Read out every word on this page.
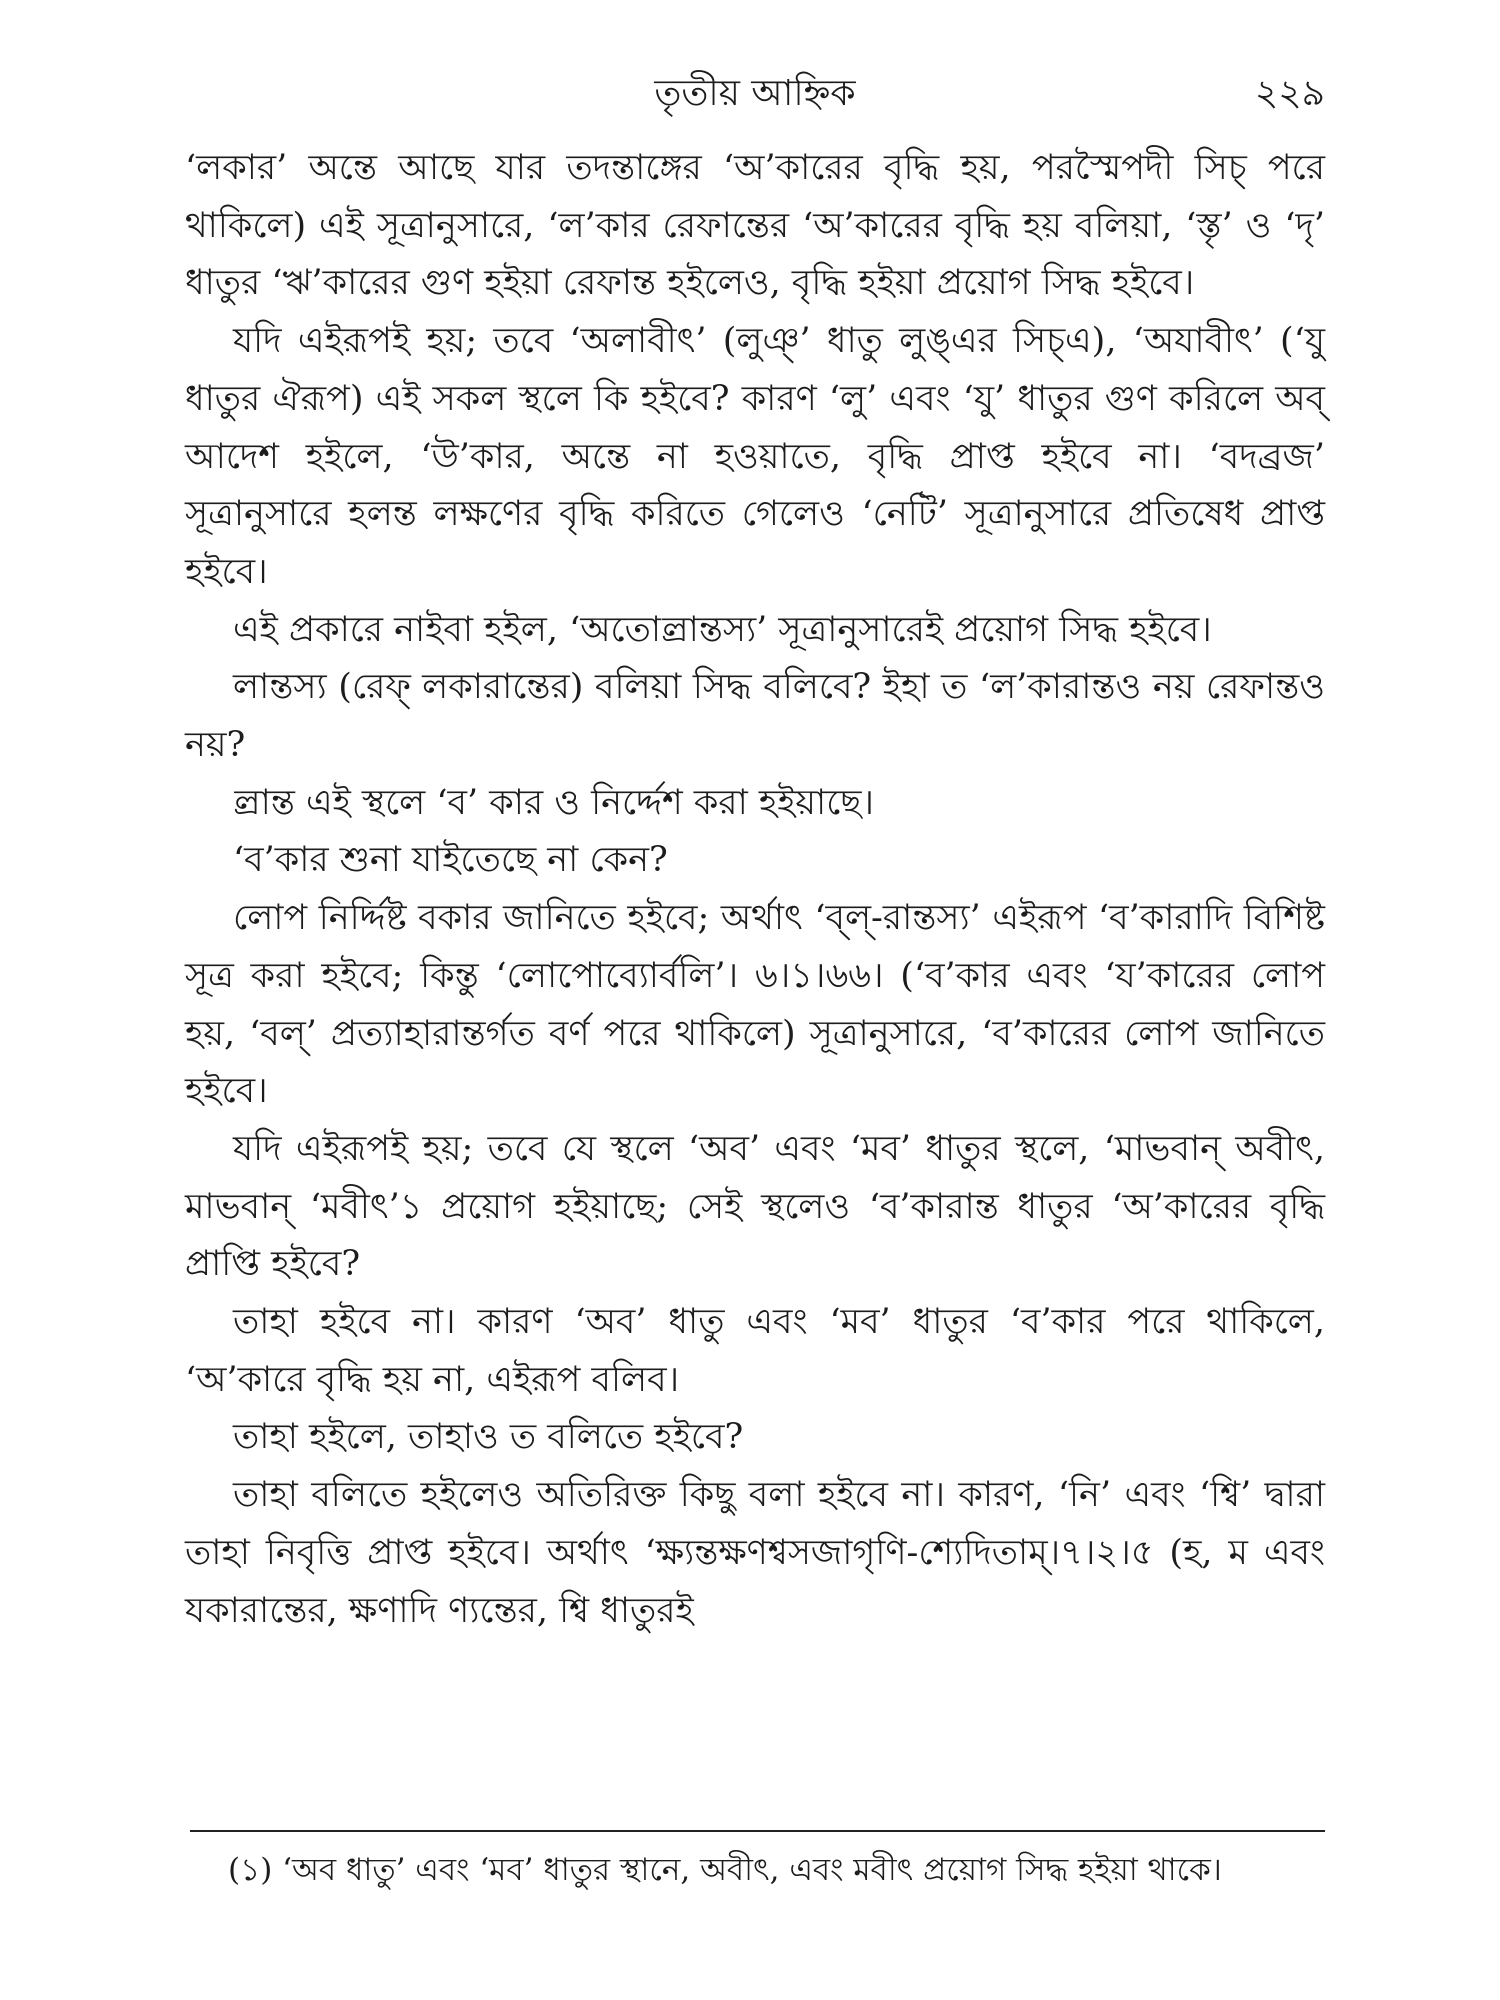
তৃতীয় আহ্নিক	২২৯

‘লকার’ অন্তে আছে যার তদন্তাঙ্গের ‘অ’কারের বৃদ্ধি হয়, পরস্মৈপদী সিচ্ পরে থাকিলে) এই সূত্রানুসারে, ‘ল’কার রেফান্তের ‘অ’কারের বৃদ্ধি হয় বলিয়া, ‘স্তৃ’ ও ‘দৃ’ ধাতুর ‘ঋ’কারের গুণ হইয়া রেফান্ত হইলেও, বৃদ্ধি হইয়া প্রয়োগ সিদ্ধ হইবে।

যদি এইরূপই হয়; তবে ‘অলাবীৎ’ (লুঞ্’ ধাতু লুঙ্এর সিচ্এ), ‘অযাবীৎ’ (‘যু ধাতুর ঐরূপ) এই সকল স্থলে কি হইবে? কারণ ‘লু’ এবং ‘যু’ ধাতুর গুণ করিলে অব্ আদেশ হইলে, ‘উ’কার, অন্তে না হওয়াতে, বৃদ্ধি প্রাপ্ত হইবে না। ‘বদব্রজ’ সূত্রানুসারে হলন্ত লক্ষণের বৃদ্ধি করিতে গেলেও ‘নেটি’ সূত্রানুসারে প্রতিষেধ প্রাপ্ত হইবে।

এই প্রকারে নাইবা হইল, ‘অতোল্রান্তস্য’ সূত্রানুসারেই প্রয়োগ সিদ্ধ হইবে।

লান্তস্য (রেফ্ লকারান্তের) বলিয়া সিদ্ধ বলিবে? ইহা ত ‘ল’কারান্তও নয় রেফান্তও নয়?

ল্রান্ত এই স্থলে ‘ব’ কার ও নির্দ্দেশ করা হইয়াছে।

‘ব’কার শুনা যাইতেছে না কেন?

লোপ নির্দ্দিষ্ট বকার জানিতে হইবে; অর্থাৎ ‘ব্ল্-রান্তস্য’ এইরূপ ‘ব’কারাদি বিশিষ্ট সূত্র করা হইবে; কিন্তু ‘লোপোব্যোর্বলি’। ৬।১।৬৬। (‘ব’কার এবং ‘য’কারের লোপ হয়, ‘বল্’ প্রত্যাহারান্তর্গত বর্ণ পরে থাকিলে) সূত্রানুসারে, ‘ব’কারের লোপ জানিতে হইবে।

যদি এইরূপই হয়; তবে যে স্থলে ‘অব’ এবং ‘মব’ ধাতুর স্থলে, ‘মাভবান্ অবীৎ, মাভবান্ ‘মবীৎ’১ প্রয়োগ হইয়াছে; সেই স্থলেও ‘ব’কারান্ত ধাতুর ‘অ’কারের বৃদ্ধি প্রাপ্তি হইবে?

তাহা হইবে না। কারণ ‘অব’ ধাতু এবং ‘মব’ ধাতুর ‘ব’কার পরে থাকিলে, ‘অ’কারে বৃদ্ধি হয় না, এইরূপ বলিব।

তাহা হইলে, তাহাও ত বলিতে হইবে?

তাহা বলিতে হইলেও অতিরিক্ত কিছু বলা হইবে না। কারণ, ‘নি’ এবং ‘শ্বি’ দ্বারা তাহা নিবৃত্তি প্রাপ্ত হইবে। অর্থাৎ ‘ক্ষ্যন্তক্ষণশ্বসজাগৃণি-শ্যেদিতাম্।৭।২।৫ (হ, ম এবং যকারান্তের, ক্ষণাদি ণ্যন্তের, শ্বি ধাতুরই

(১) ‘অব ধাতু’ এবং ‘মব’ ধাতুর স্থানে, অবীৎ, এবং মবীৎ প্রয়োগ সিদ্ধ হইয়া থাকে।
